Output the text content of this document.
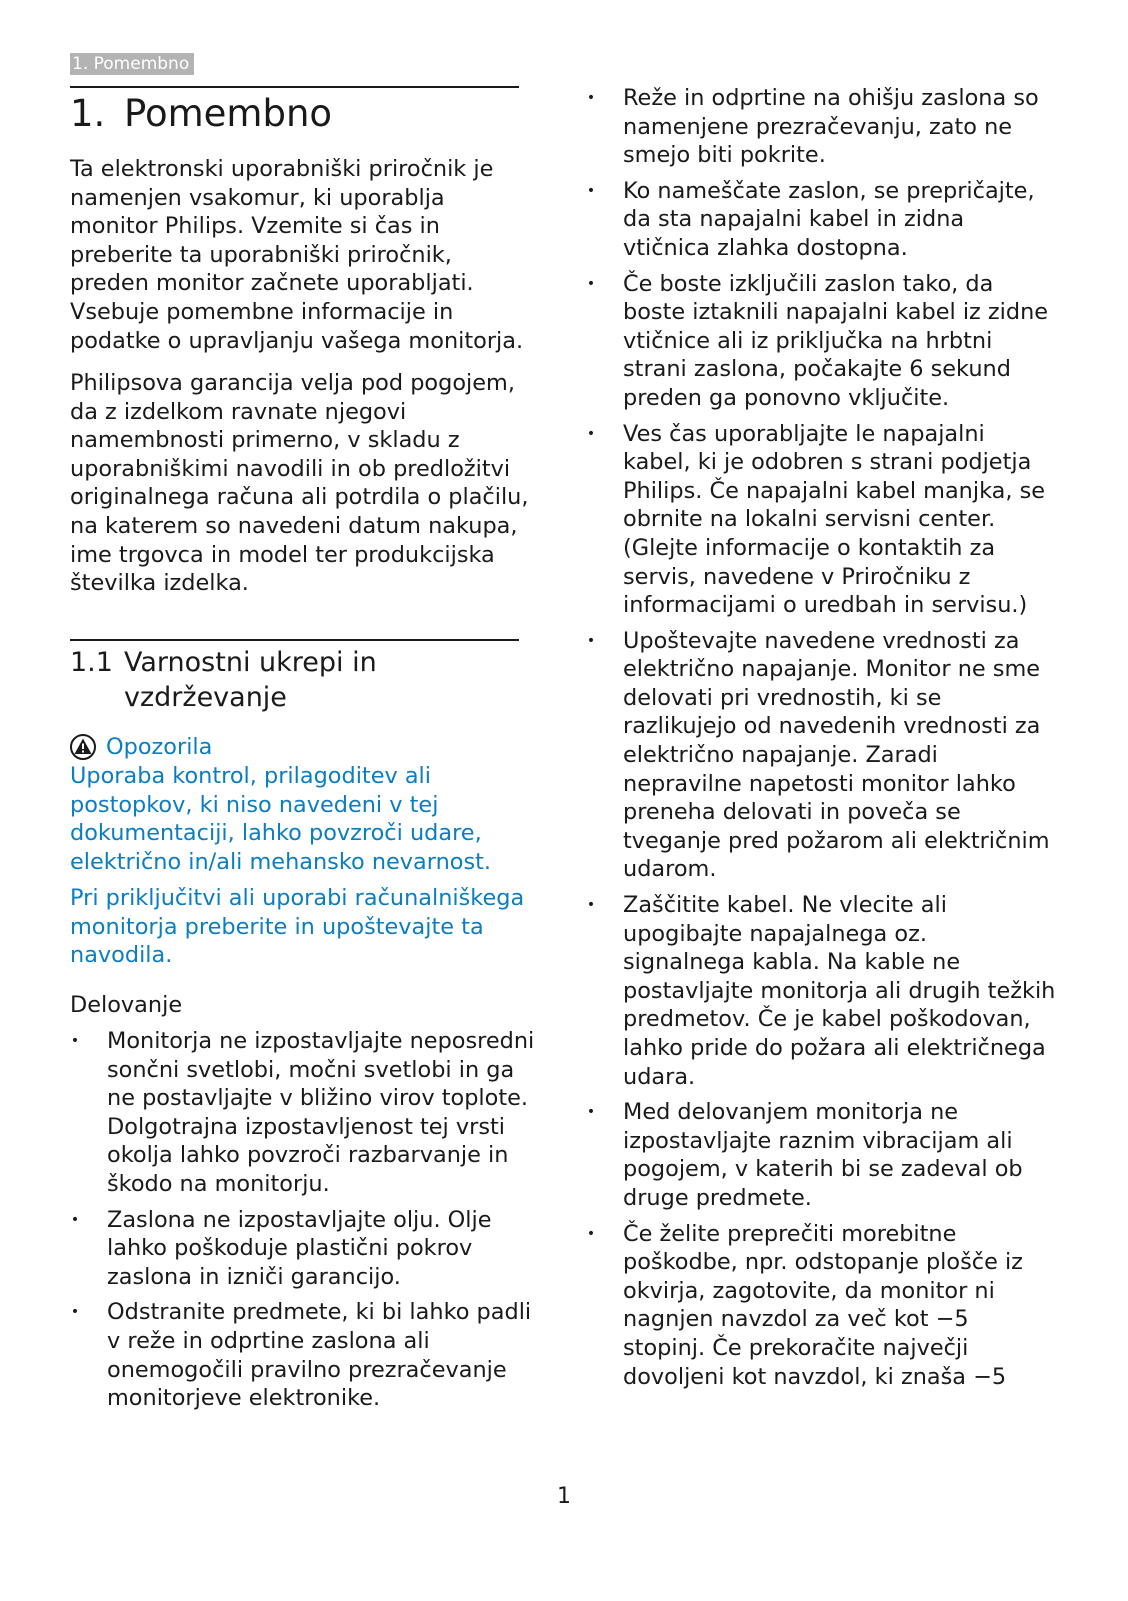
1. Pomembno
1. Pomembno

Ta elektronski uporabniški priročnik je namenjen vsakomur, ki uporablja monitor Philips. Vzemite si čas in preberite ta uporabniški priročnik, preden monitor začnete uporabljati. Vsebuje pomembne informacije in podatke o upravljanju vašega monitorja.

Philipsova garancija velja pod pogojem, da z izdelkom ravnate njegovi namembnosti primerno, v skladu z uporabniškimi navodili in ob predložitvi originalnega računa ali potrdila o plačilu, na katerem so navedeni datum nakupa, ime trgovca in model ter produkcijska številka izdelka.

1.1 Varnostni ukrepi in vzdrževanje
Opozorila

Uporaba kontrol, prilagoditev ali postopkov, ki niso navedeni v tej dokumentaciji, lahko povzroči udare, električno in/ali mehansko nevarnost.

Pri priključitvi ali uporabi računalniškega monitorja preberite in upoštevajte ta navodila.

Delovanje

• Monitorja ne izpostavljajte neposredni sončni svetlobi, močni svetlobi in ga ne postavljajte v bližino virov toplote. Dolgotrajna izpostavljenost tej vrsti okolja lahko povzroči razbarvanje in škodo na monitorju.
• Zaslona ne izpostavljajte olju. Olje lahko poškoduje plastični pokrov zaslona in izniči garancijo.
• Odstranite predmete, ki bi lahko padli v reže in odprtine zaslona ali onemogočili pravilno prezračevanje monitorjeve elektronike.
• Reže in odprtine na ohišju zaslona so namenjene prezračevanju, zato ne smejo biti pokrite.
• Ko nameščate zaslon, se prepričajte, da sta napajalni kabel in zidna vtičnica zlahka dostopna.
• Če boste izključili zaslon tako, da boste iztaknili napajalni kabel iz zidne vtičnice ali iz priključka na hrbtni strani zaslona, počakajte 6 sekund preden ga ponovno vključite.
• Ves čas uporabljajte le napajalni kabel, ki je odobren s strani podjetja Philips. Če napajalni kabel manjka, se obrnite na lokalni servisni center. (Glejte informacije o kontaktih za servis, navedene v Priročniku z informacijami o uredbah in servisu.)
• Upoštevajte navedene vrednosti za električno napajanje. Monitor ne sme delovati pri vrednostih, ki se razlikujejo od navedenih vrednosti za električno napajanje. Zaradi nepravilne napetosti monitor lahko preneha delovati in poveča se tveganje pred požarom ali električnim udarom.
• Zaščitite kabel. Ne vlecite ali upogibajte napajalnega oz. signalnega kabla. Na kable ne postavljajte monitorja ali drugih težkih predmetov. Če je kabel poškodovan, lahko pride do požara ali električnega udara.
• Med delovanjem monitorja ne izpostavljajte raznim vibracijam ali pogojem, v katerih bi se zadeval ob druge predmete.
• Če želite preprečiti morebitne poškodbe, npr. odstopanje plošče iz okvirja, zagotovite, da monitor ni nagnjen navzdol za več kot −5 stopinj. Če prekoračite največji dovoljeni kot navzdol, ki znaša −5
1
